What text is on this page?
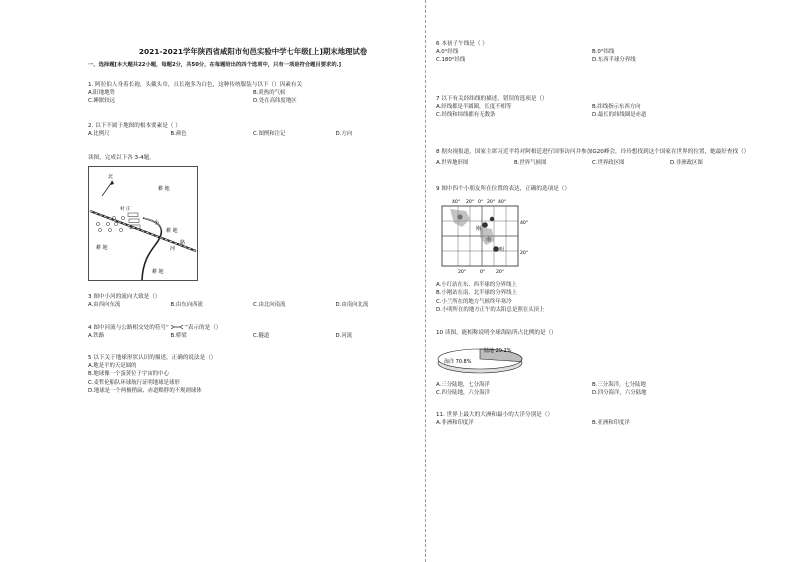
2021-2021学年陕西省咸阳市旬邑实验中学七年级[上]期末地理试卷
一、选择题[本大题共22小题，每题2分，共50分，在每题给出的四个选项中，只有一项是符合题目要求的.]

1. 阿拉伯人身着长袍，头戴头巾，且长袍多为白色，这种传统服装与以下（）因素有关

A.阳地地势	B.炎热的气候
C.睡眠较远	D.处在高纬度地区

2. 以下不属于地图的根本要素是（ ）

A.比例尺	B.颜色	C.图例和注记	D.方向
读图，完成以下各 3-4题。
北
耕 地
村 庄
耕 地
耕 地
耕 地
小
河
路

3 图中小河的流向大致是（）

A.由西向东流	B.由东向西流	C.由北向南流	D.由南向北流

4 图中河流与公路相交处的符号“	”表示的是（）

A.铁路	B.桥梁	C.隧道	D.河流

5 以下关于地球形状认识的描述，正确的说法是（）

A.地是平的天是圆的
B.地球像一个蛋黄位于宇宙的中心
C.麦哲伦船队环球航行证明地球是球形
D.地球是一个两极稍扁、赤道略胖的不规则球体

6 本初子午线是（ ）

A.0°经线	B.0°纬线
C.180°经线	D.东西半球分界线

7 以下有关经纬线的描述，错误的选项是（）

A.经线都是半圆圈，长度不相等	B.纬线指示东西方向
C.经线和纬线都有无数条	D.最长的纬线圈是赤道

8 据央视报道，国家主席习近平将对阿根廷进行国事访问并参加G20峰会，玲玲想找到这个国家在世界的位置，她最好查找（）

A.世界地形图	B.世界气候图	C.世界政区图	D.非洲政区图

9 图中四个小朋友所在位置的表达，正确的选项是（）

40° 20° 0° 20° 40°
刚
南
明
40°
20°
20°	0° 20°
A.小红站在东、西半球的分界线上
B.小刚站在南、北半球的分界线上
C.小兰所在的地方气候终年寒冷
D.小明所在的地方正午的太阳总是照在头顶上

10 读图，能相称说明全球海陆所占比例的是（）

陆地 29.2%
海洋 70.8%
A.三分陆地，七分海洋	B.三分海洋，七分陆地
C.四分陆地，六分海洋	D.四分海洋，六分陆地

11. 世界上最大的大洲和最小的大洋分别是（）

A.非洲和印度洋	B.亚洲和印度洋
